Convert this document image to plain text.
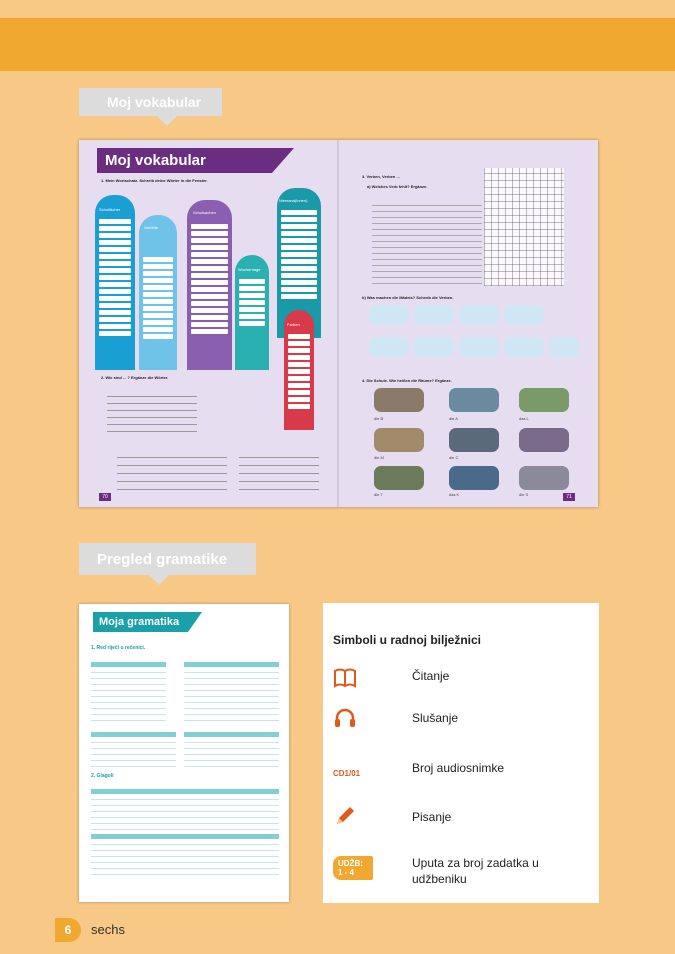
Moj vokabular
Moj vokabular
1. Mein Wortschatz. Schreib deine Wörter in die Fenster.
Schulfächer
Gefühle
Schulsachen
Wochentage
Niemand(innen)
Farben
2. Wie sind ... ? Ergänze die Wörter.
70
3. Verben, Verben ...
a) Welches Verb fehlt? Ergänze.
b) Was machen die Mädels? Schreib die Verben.
4. Die Schule. Wie heißen die Räume? Ergänze.
die B	die A	das L
die M	die C
die T	das K	die S	71
Pregled gramatike
Moja gramatika
1. Red riječi u rečenici.
2. Glagoli
Simboli u radnoj bilježnici
Čitanje
Slušanje
CD1/01	Broj audiosnimke
Pisanje
UDŽB: 1 - 4
Uputa za broj zadatka u udžbeniku
6	sechs
